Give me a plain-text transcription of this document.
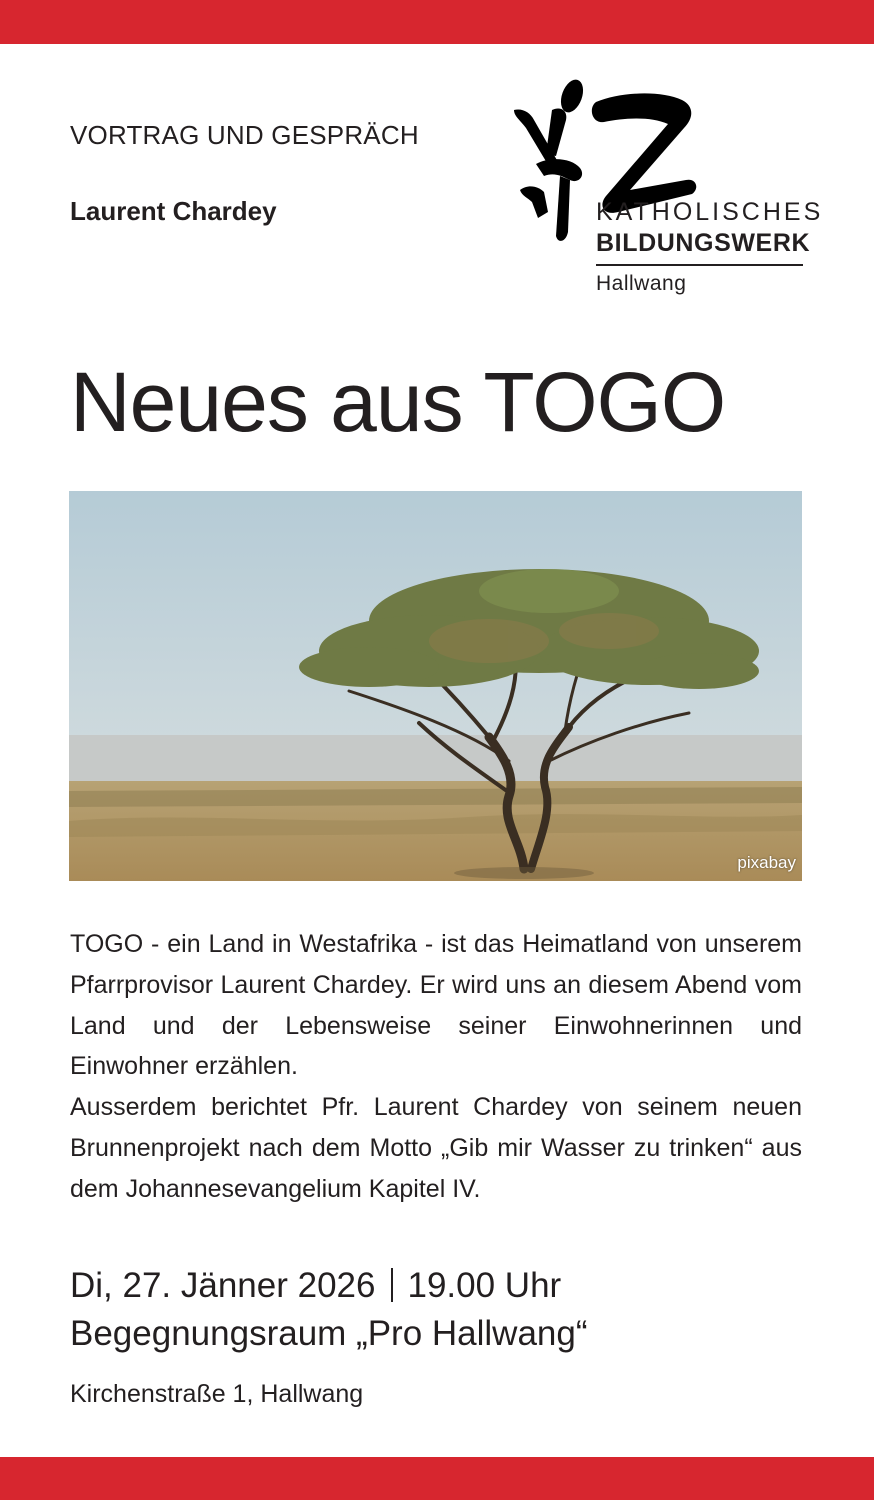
VORTRAG UND GESPRÄCH
Laurent Chardey	KATHOLISCHES
BILDUNGSWERK
Hallwang
Neues aus TOGO
pixabay

TOGO - ein Land in Westafrika - ist das Heimatland von unserem Pfarrprovisor Laurent Chardey. Er wird uns an diesem Abend vom Land und der Lebensweise seiner Einwohnerinnen und Einwohner erzählen.

Ausserdem berichtet Pfr. Laurent Chardey von seinem neuen Brunnenprojekt nach dem Motto „Gib mir Wasser zu trinken“ aus dem Johannesevangelium Kapitel IV.

Di, 27. Jänner 2026 19.00 Uhr
Begegnungsraum „Pro Hallwang“
Kirchenstraße 1, Hallwang
